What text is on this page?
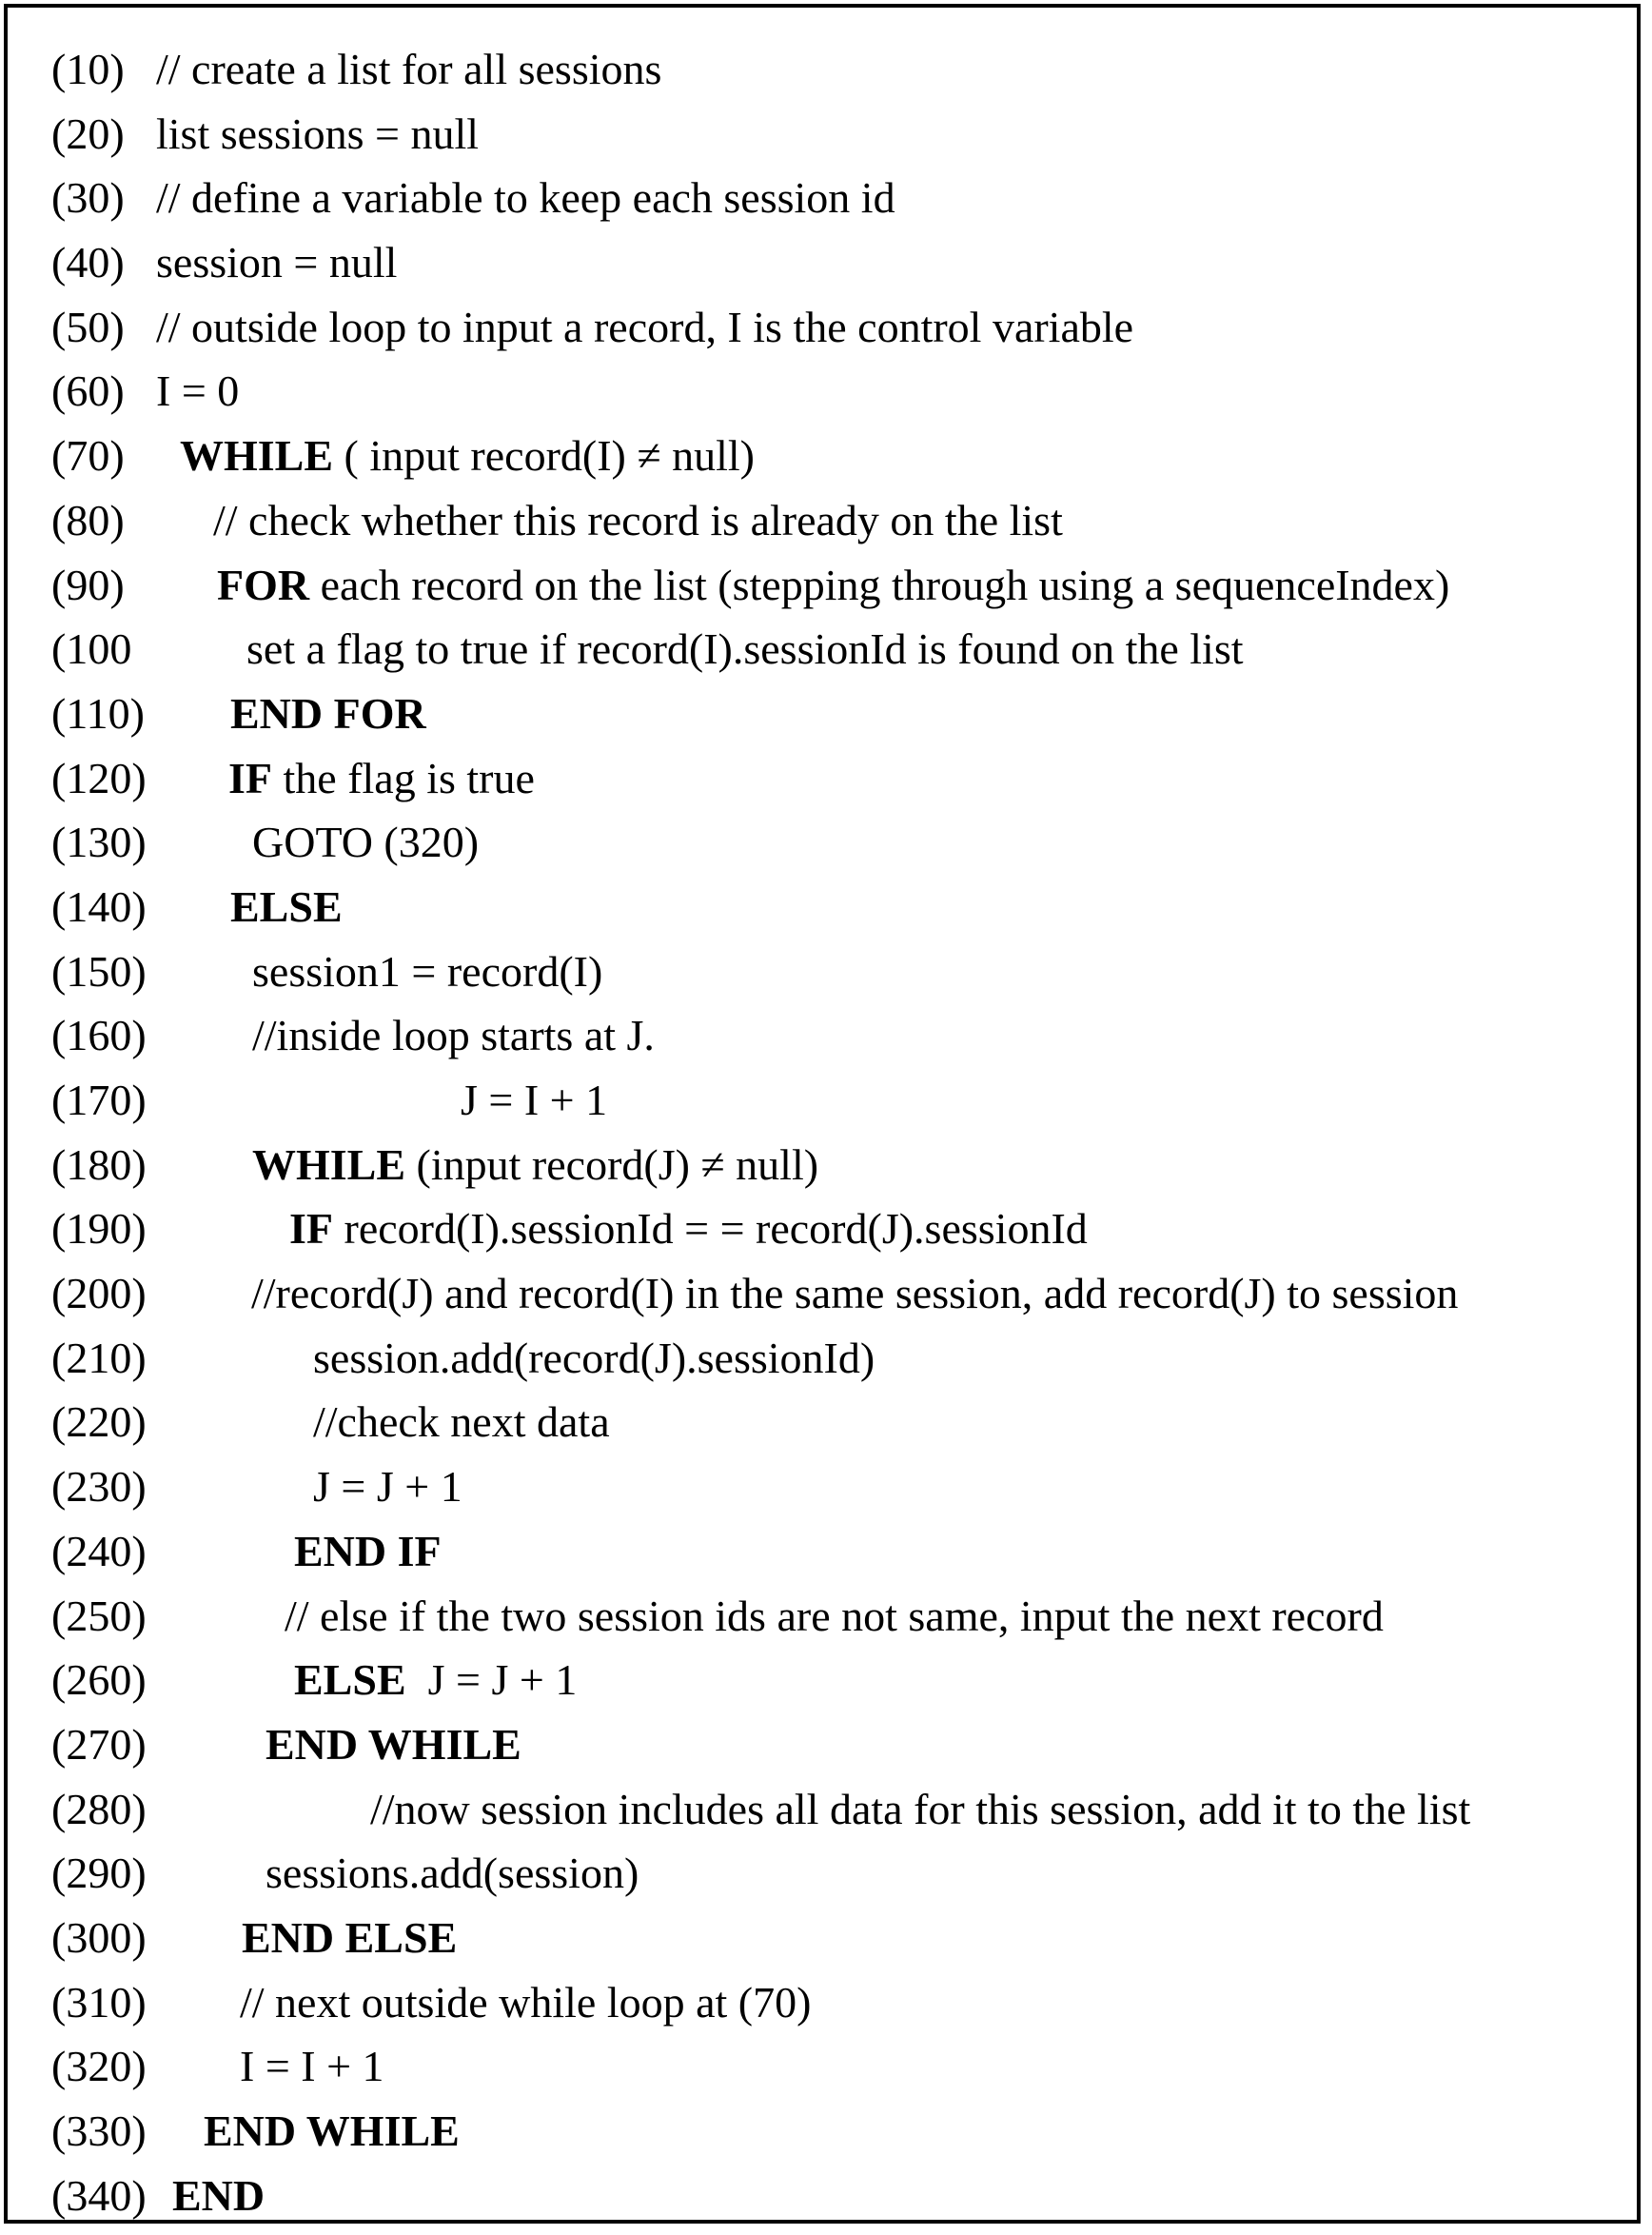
(10) // create a list for all sessions
(20) list sessions = null
(30) // define a variable to keep each session id
(40) session = null
(50) // outside loop to input a record, I is the control variable
(60) I = 0
(70) WHILE ( input record(I) ≠ null)
(80) // check whether this record is already on the list
(90) FOR each record on the list (stepping through using a sequenceIndex)
(100	set a flag to true if record(I).sessionId is found on the list
(110) END FOR
(120) IF the flag is true
(130) GOTO (320)
(140) ELSE
(150) session1 = record(I)
(160) //inside loop starts at J.
(170)	J = I + 1
(180) WHILE (input record(J) ≠ null)
(190)	IF record(I).sessionId = = record(J).sessionId
(200) //record(J) and record(I) in the same session, add record(J) to session
(210)	session.add(record(J).sessionId)
(220)	//check next data
(230)	J = J + 1
(240)	END IF
(250)	// else if the two session ids are not same, input the next record
(260)	ELSE  J = J + 1
(270)	END WHILE
(280)	//now session includes all data for this session, add it to the list
(290)	sessions.add(session)
(300) END ELSE
(310) // next outside while loop at (70)
(320) I = I + 1
(330) END WHILE
(340) END
